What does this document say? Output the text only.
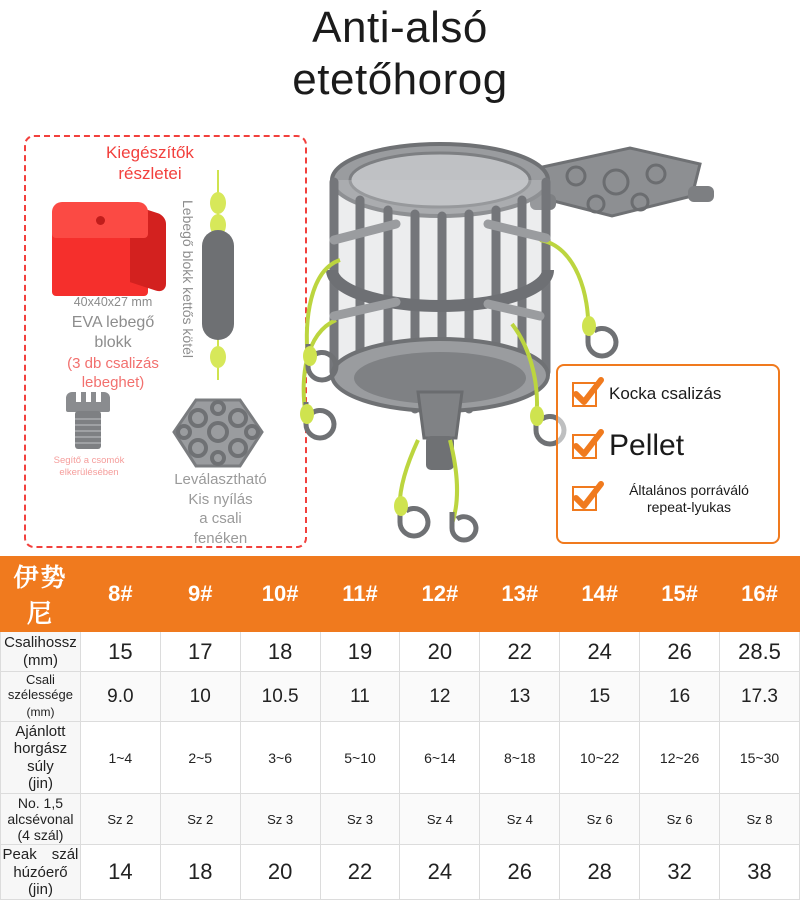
Anti-alsó
etetőhorog
Kiegészítők
részletei
40x40x27 mm
EVA lebegő
blokk
(3 db csalizás
lebeghet)
Lebegő blokk kettős kötél
Segítő a csomók
elkerülésében	Leválasztható
Kis nyílás
a csali
fenéken
Kocka csalizás
Pellet
Általános porráváló repeat-lyukas
伊势尼	8#	9#	10#	11#	12#	13#	14#	15#	16#

Csalihossz
(mm)	15	17	18	19	20	22	24	26	28.5

Csali szélessége
(mm)	9.0	10	10.5	11	12	13	15	16	17.3

Ajánlott horgász súly
(jin)	1~4	2~5	3~6	5~10	6~14	8~18	10~22	12~26	15~30

No. 1,5 alcsévonal (4 szál)	Sz 2	Sz 2	Sz 3	Sz 3	Sz 4	Sz 4	Sz 6	Sz 6	Sz 8

Peak　szál húzóerő (jin)	14	18	20	22	24	26	28	32	38
